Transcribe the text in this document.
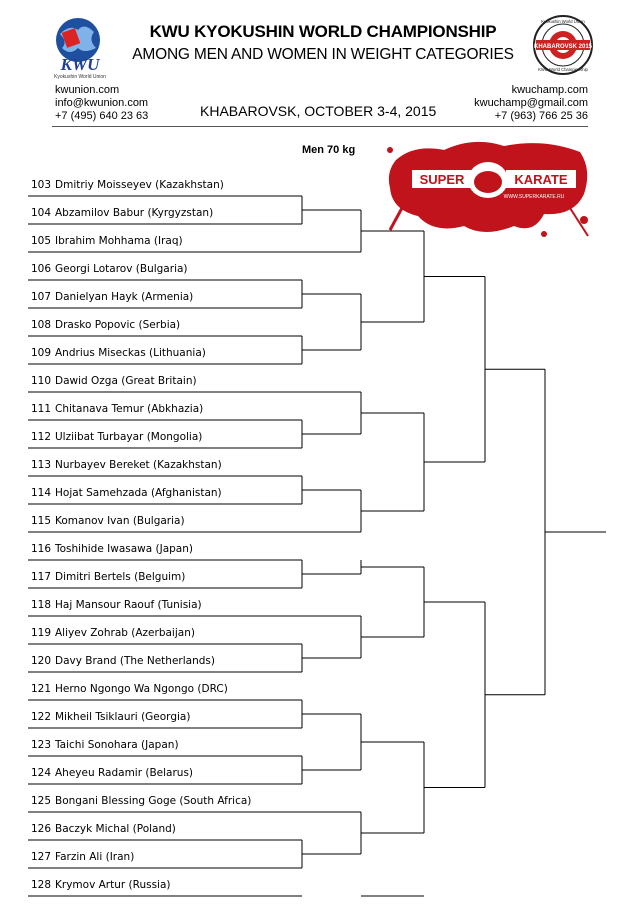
KWU
Kyokushin World Union
KHABAROVSK 2015
Kyokushin World Union
KWU World Championship
KWU KYOKUSHIN WORLD CHAMPIONSHIP
AMONG MEN AND WOMEN IN WEIGHT CATEGORIES
kwunion.com
info@kwunion.com
+7 (495) 640 23 63
kwuchamp.com
kwuchamp@gmail.com
+7 (963) 766 25 36
KHABAROVSK, OCTOBER 3-4, 2015
Men 70 kg
SUPER	KARATE
WWW.SUPERKARATE.RU
103 Dmitriy Moisseyev (Kazakhstan)
104 Abzamilov Babur (Kyrgyzstan)
105 Ibrahim Mohhama (Iraq)
106 Georgi Lotarov (Bulgaria)
107 Danielyan Hayk (Armenia)
108 Drasko Popovic (Serbia)
109 Andrius Miseckas (Lithuania)
110 Dawid Ozga (Great Britain)
111 Chitanava Temur (Abkhazia)
112 Ulziibat Turbayar (Mongolia)
113 Nurbayev Bereket (Kazakhstan)
114 Hojat Samehzada (Afghanistan)
115 Komanov Ivan (Bulgaria)
116 Toshihide Iwasawa (Japan)
117 Dimitri Bertels (Belguim)
118 Haj Mansour Raouf (Tunisia)
119 Aliyev Zohrab (Azerbaijan)
120 Davy Brand (The Netherlands)
121 Herno Ngongo Wa Ngongo (DRC)
122 Mikheil Tsiklauri (Georgia)
123 Taichi Sonohara (Japan)
124 Aheyeu Radamir (Belarus)
125 Bongani Blessing Goge (South Africa)
126 Baczyk Michal (Poland)
127 Farzin Ali (Iran)
128 Krymov Artur (Russia)
